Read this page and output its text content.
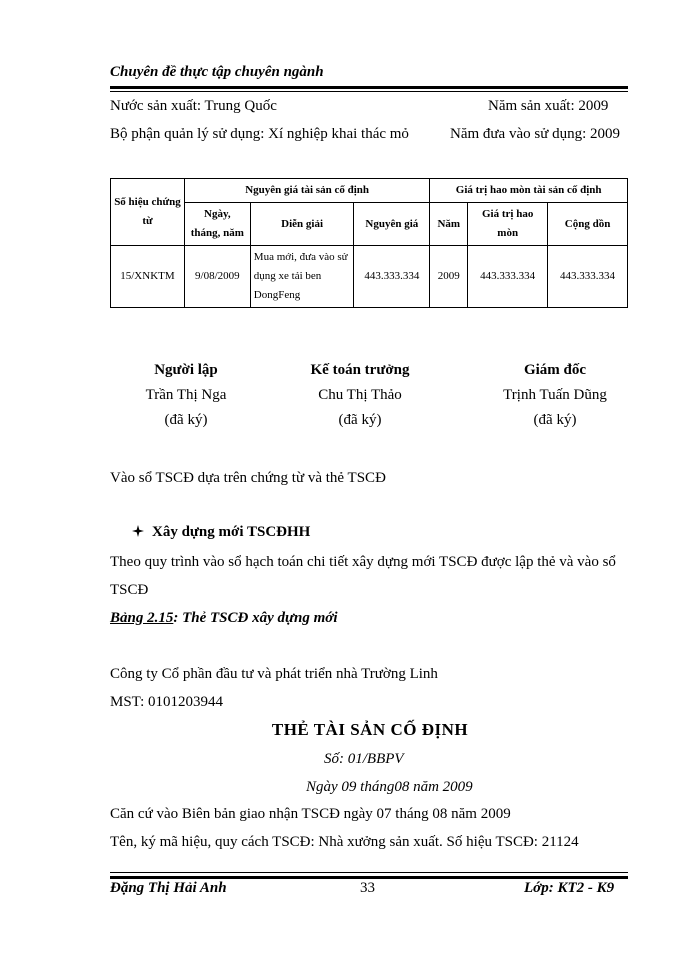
Chuyên đề thực tập chuyên ngành
Nước sản xuất: Trung Quốc	Năm sản xuất: 2009
Bộ phận quản lý sử dụng: Xí nghiệp khai thác mỏ	Năm đưa vào sử dụng: 2009
Số hiệu chứng từ	Nguyên giá tài sản cố định			Giá trị hao mòn tài sản cố định		
	Ngày, tháng, năm	Diễn giải	Nguyên giá	Năm	Giá trị hao mòn	Cộng dồn
15/XNKTM	9/08/2009	Mua mới, đưa vào sử dụng xe tải ben DongFeng	443.333.334	2009	443.333.334	443.333.334
Người lập
Trần Thị Nga
(đã ký)
Kế toán trưởng
Chu Thị Thảo
(đã ký)
Giám đốc
Trịnh Tuấn Dũng
(đã ký)
Vào sổ TSCĐ dựa trên chứng từ và thẻ TSCĐ
Xây dựng mới TSCĐHH
Theo quy trình vào sổ hạch toán chi tiết xây dựng mới TSCĐ được lập thẻ và vào sổ
TSCĐ
Bảng 2.15: Thẻ TSCĐ xây dựng mới
Công ty Cổ phần đầu tư và phát triển nhà Trường Linh
MST: 0101203944
THẺ TÀI SẢN CỐ ĐỊNH
Số: 01/BBPV
Ngày 09 tháng08 năm 2009
Căn cứ vào Biên bản giao nhận TSCĐ ngày 07 tháng 08 năm 2009
Tên, ký mã hiệu, quy cách TSCĐ: Nhà xưởng sản xuất. Số hiệu TSCĐ: 21124
Đặng Thị Hải Anh	33	Lớp: KT2 - K9
